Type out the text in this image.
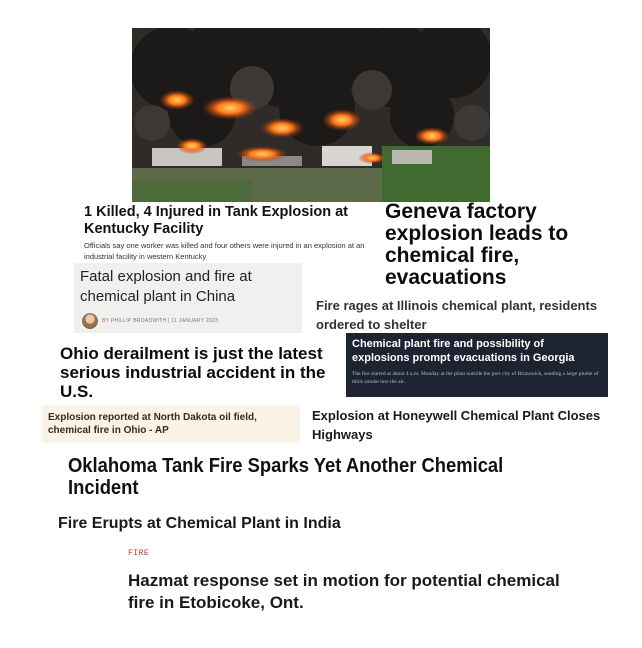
1 Killed, 4 Injured in Tank Explosion at Kentucky Facility
Officials say one worker was killed and four others were injured in an explosion at an industrial facility in western Kentucky
Geneva factory explosion leads to chemical fire, evacuations
Fatal explosion and fire at chemical plant in China
BY PHILLIP BROADWITH | 11 JANUARY 2023
Fire rages at Illinois chemical plant, residents ordered to shelter
Ohio derailment is just the latest serious industrial accident in the U.S.
Chemical plant fire and possibility of explosions prompt evacuations in Georgia
The fire started at about 4 a.m. Monday at the plant outside the port city of Brunswick, sending a large plume of thick smoke into the air.
Explosion reported at North Dakota oil field, chemical fire in Ohio - AP
Explosion at Honeywell Chemical Plant Closes Highways
Oklahoma Tank Fire Sparks Yet Another Chemical Incident
Fire Erupts at Chemical Plant in India
FIRE
Hazmat response set in motion for potential chemical fire in Etobicoke, Ont.
